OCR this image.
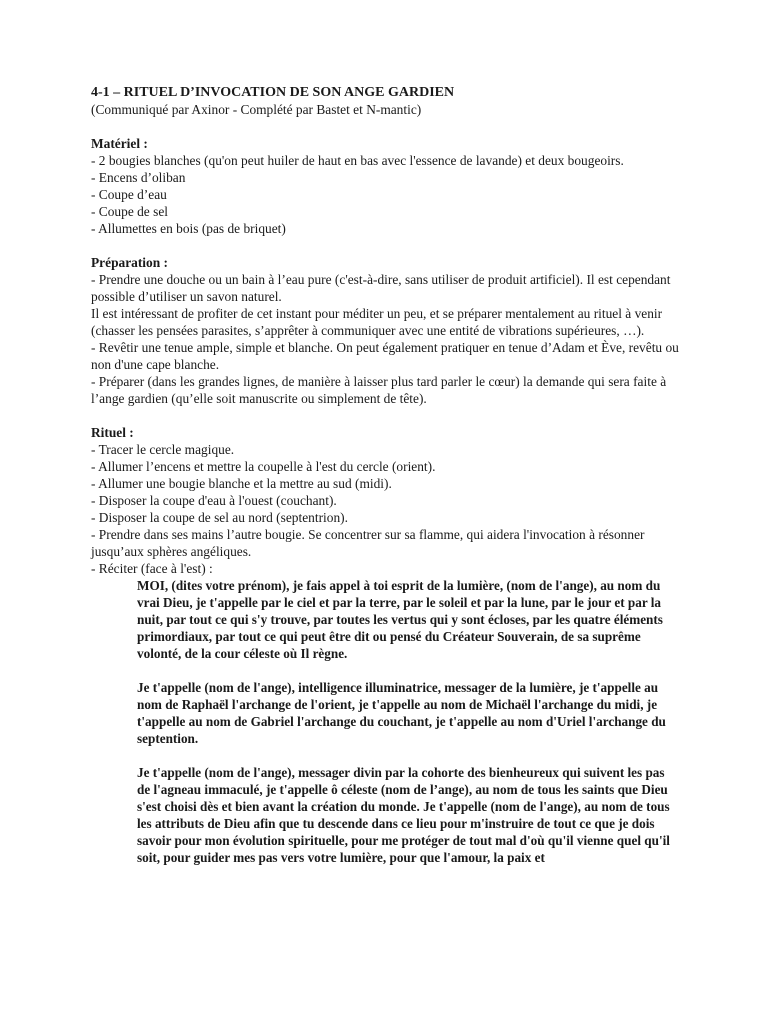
4-1 – RITUEL D’INVOCATION DE SON ANGE GARDIEN
(Communiqué par Axinor - Complété par Bastet et N-mantic)
Matériel :
- 2 bougies blanches (qu'on peut huiler de haut en bas avec l'essence de lavande) et deux bougeoirs.
- Encens d’oliban
- Coupe d’eau
- Coupe de sel
- Allumettes en bois (pas de briquet)
Préparation :
- Prendre une douche ou un bain à l’eau pure (c'est-à-dire, sans utiliser de produit artificiel). Il est cependant possible d’utiliser un savon naturel.
Il est intéressant de profiter de cet instant pour méditer un peu, et se préparer mentalement au rituel à venir (chasser les pensées parasites, s’apprêter à communiquer avec une entité de vibrations supérieures, …).
- Revêtir une tenue ample, simple et blanche. On peut également pratiquer en tenue d’Adam et Ève, revêtu ou non d'une cape blanche.
- Préparer (dans les grandes lignes, de manière à laisser plus tard parler le cœur) la demande qui sera faite à l’ange gardien (qu’elle soit manuscrite ou simplement de tête).
Rituel :
- Tracer le cercle magique.
- Allumer l’encens et mettre la coupelle à l'est du cercle (orient).
- Allumer une bougie blanche et la mettre au sud (midi).
- Disposer la coupe d'eau à l'ouest (couchant).
- Disposer la coupe de sel au nord (septentrion).
- Prendre dans ses mains l’autre bougie. Se concentrer sur sa flamme, qui aidera l'invocation à résonner jusqu’aux sphères angéliques.
- Réciter (face à l'est) :

MOI, (dites votre prénom), je fais appel à toi esprit de la lumière, (nom de l'ange), au nom du vrai Dieu, je t'appelle par le ciel et par la terre, par le soleil et par la lune, par le jour et par la nuit, par tout ce qui s'y trouve, par toutes les vertus qui y sont écloses, par les quatre éléments primordiaux, par tout ce qui peut être dit ou pensé du Créateur Souverain, de sa suprême volonté, de la cour céleste où Il règne.

Je t'appelle (nom de l'ange), intelligence illuminatrice, messager de la lumière, je t'appelle au nom de Raphaël l'archange de l'orient, je t'appelle au nom de Michaël l'archange du midi, je t'appelle au nom de Gabriel l'archange du couchant, je t'appelle au nom d'Uriel l'archange du septention.

Je t'appelle (nom de l'ange), messager divin par la cohorte des bienheureux qui suivent les pas de l'agneau immaculé, je t'appelle ô céleste (nom de l’ange), au nom de tous les saints que Dieu s'est choisi dès et bien avant la création du monde. Je t'appelle (nom de l'ange), au nom de tous les attributs de Dieu afin que tu descende dans ce lieu pour m'instruire de tout ce que je dois savoir pour mon évolution spirituelle, pour me protéger de tout mal d'où qu'il vienne quel qu'il soit, pour guider mes pas vers votre lumière, pour que l'amour, la paix et
